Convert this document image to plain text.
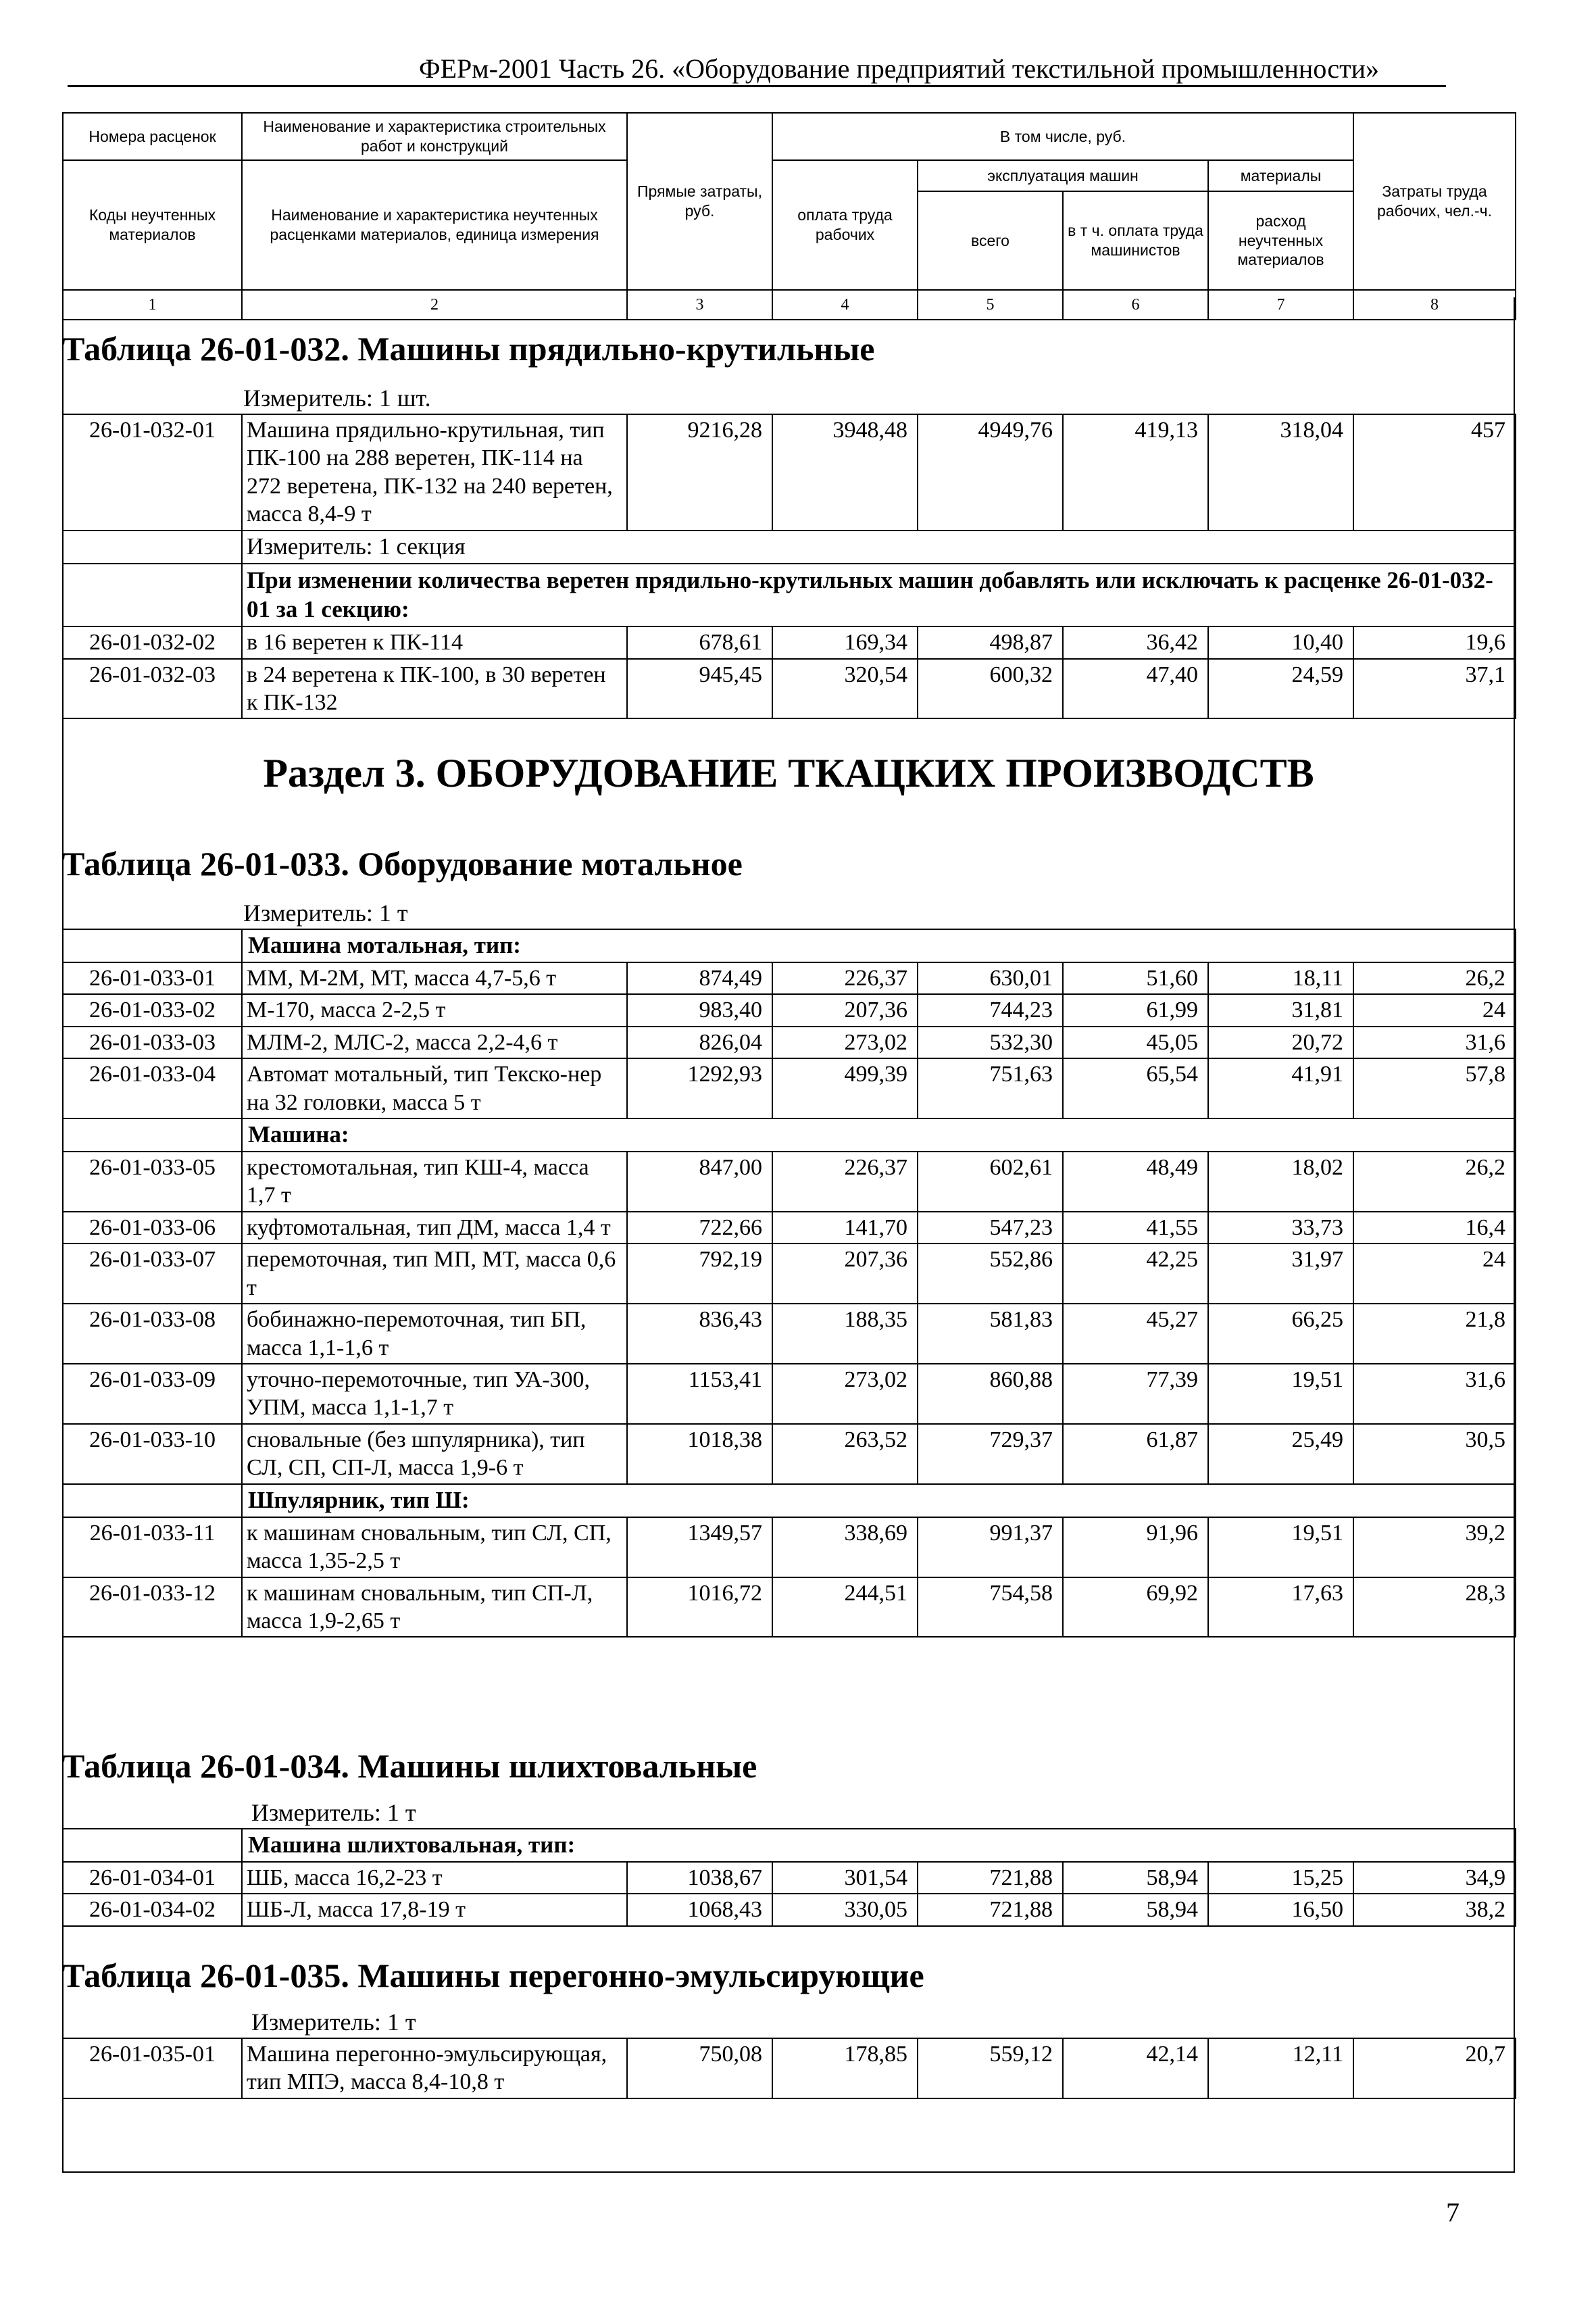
ФЕРм-2001 Часть 26. «Оборудование предприятий текстильной промышленности»
Номера расценок	Наименование и характеристика строительных работ и конструкций	Прямые затраты, руб.	В том числе, руб.				Затраты труда рабочих, чел.-ч.
Коды неучтенных материалов	Наименование и характеристика неучтенных расценками материалов, единица измерения		оплата труда рабочих	эксплуатация машин		материалы	
				всего	в т ч. оплата труда машинистов	расход неучтенных материалов	
1	2	3	4	5	6	7	8
Таблица 26-01-032. Машины прядильно-крутильные
Измеритель: 1 шт.
26-01-032-01	Машина прядильно-крутильная, тип ПК-100 на 288 веретен, ПК-114 на 272 веретена, ПК-132 на 240 веретен, масса 8,4-9 т	9216,28	3948,48	4949,76	419,13	318,04	457
	Измеритель: 1 секция						
	При изменении количества веретен прядильно-крутильных машин добавлять или исключать к расценке 26-01-032-01 за 1 секцию:						
26-01-032-02	в 16 веретен к ПК-114	678,61	169,34	498,87	36,42	10,40	19,6
26-01-032-03	в 24 веретена к ПК-100, в 30 веретен к ПК-132	945,45	320,54	600,32	47,40	24,59	37,1
Раздел 3. ОБОРУДОВАНИЕ ТКАЦКИХ ПРОИЗВОДСТВ
Таблица 26-01-033. Оборудование мотальное
Измеритель: 1 т
	Машина мотальная, тип:						
26-01-033-01	ММ, М-2М, МТ, масса 4,7-5,6 т	874,49	226,37	630,01	51,60	18,11	26,2
26-01-033-02	М-170, масса 2-2,5 т	983,40	207,36	744,23	61,99	31,81	24
26-01-033-03	МЛМ-2, МЛС-2, масса 2,2-4,6 т	826,04	273,02	532,30	45,05	20,72	31,6
26-01-033-04	Автомат мотальный, тип Текско-нер на 32 головки, масса 5 т	1292,93	499,39	751,63	65,54	41,91	57,8
	Машина:						
26-01-033-05	крестомотальная, тип КШ-4, масса 1,7 т	847,00	226,37	602,61	48,49	18,02	26,2
26-01-033-06	куфтомотальная, тип ДМ, масса 1,4 т	722,66	141,70	547,23	41,55	33,73	16,4
26-01-033-07	перемоточная, тип МП, МТ, масса 0,6 т	792,19	207,36	552,86	42,25	31,97	24
26-01-033-08	бобинажно-перемоточная, тип БП, масса 1,1-1,6 т	836,43	188,35	581,83	45,27	66,25	21,8
26-01-033-09	уточно-перемоточные, тип УА-300, УПМ, масса 1,1-1,7 т	1153,41	273,02	860,88	77,39	19,51	31,6
26-01-033-10	сновальные (без шпулярника), тип СЛ, СП, СП-Л, масса 1,9-6 т	1018,38	263,52	729,37	61,87	25,49	30,5
	Шпулярник, тип Ш:						
26-01-033-11	к машинам сновальным, тип СЛ, СП, масса 1,35-2,5 т	1349,57	338,69	991,37	91,96	19,51	39,2
26-01-033-12	к машинам сновальным, тип СП-Л, масса 1,9-2,65 т	1016,72	244,51	754,58	69,92	17,63	28,3
Таблица 26-01-034. Машины шлихтовальные
Измеритель: 1 т
	Машина шлихтовальная, тип:						
26-01-034-01	ШБ, масса 16,2-23 т	1038,67	301,54	721,88	58,94	15,25	34,9
26-01-034-02	ШБ-Л, масса 17,8-19 т	1068,43	330,05	721,88	58,94	16,50	38,2
Таблица 26-01-035. Машины перегонно-эмульсирующие
Измеритель: 1 т
26-01-035-01	Машина перегонно-эмульсирующая, тип МПЭ, масса 8,4-10,8 т	750,08	178,85	559,12	42,14	12,11	20,7
7
